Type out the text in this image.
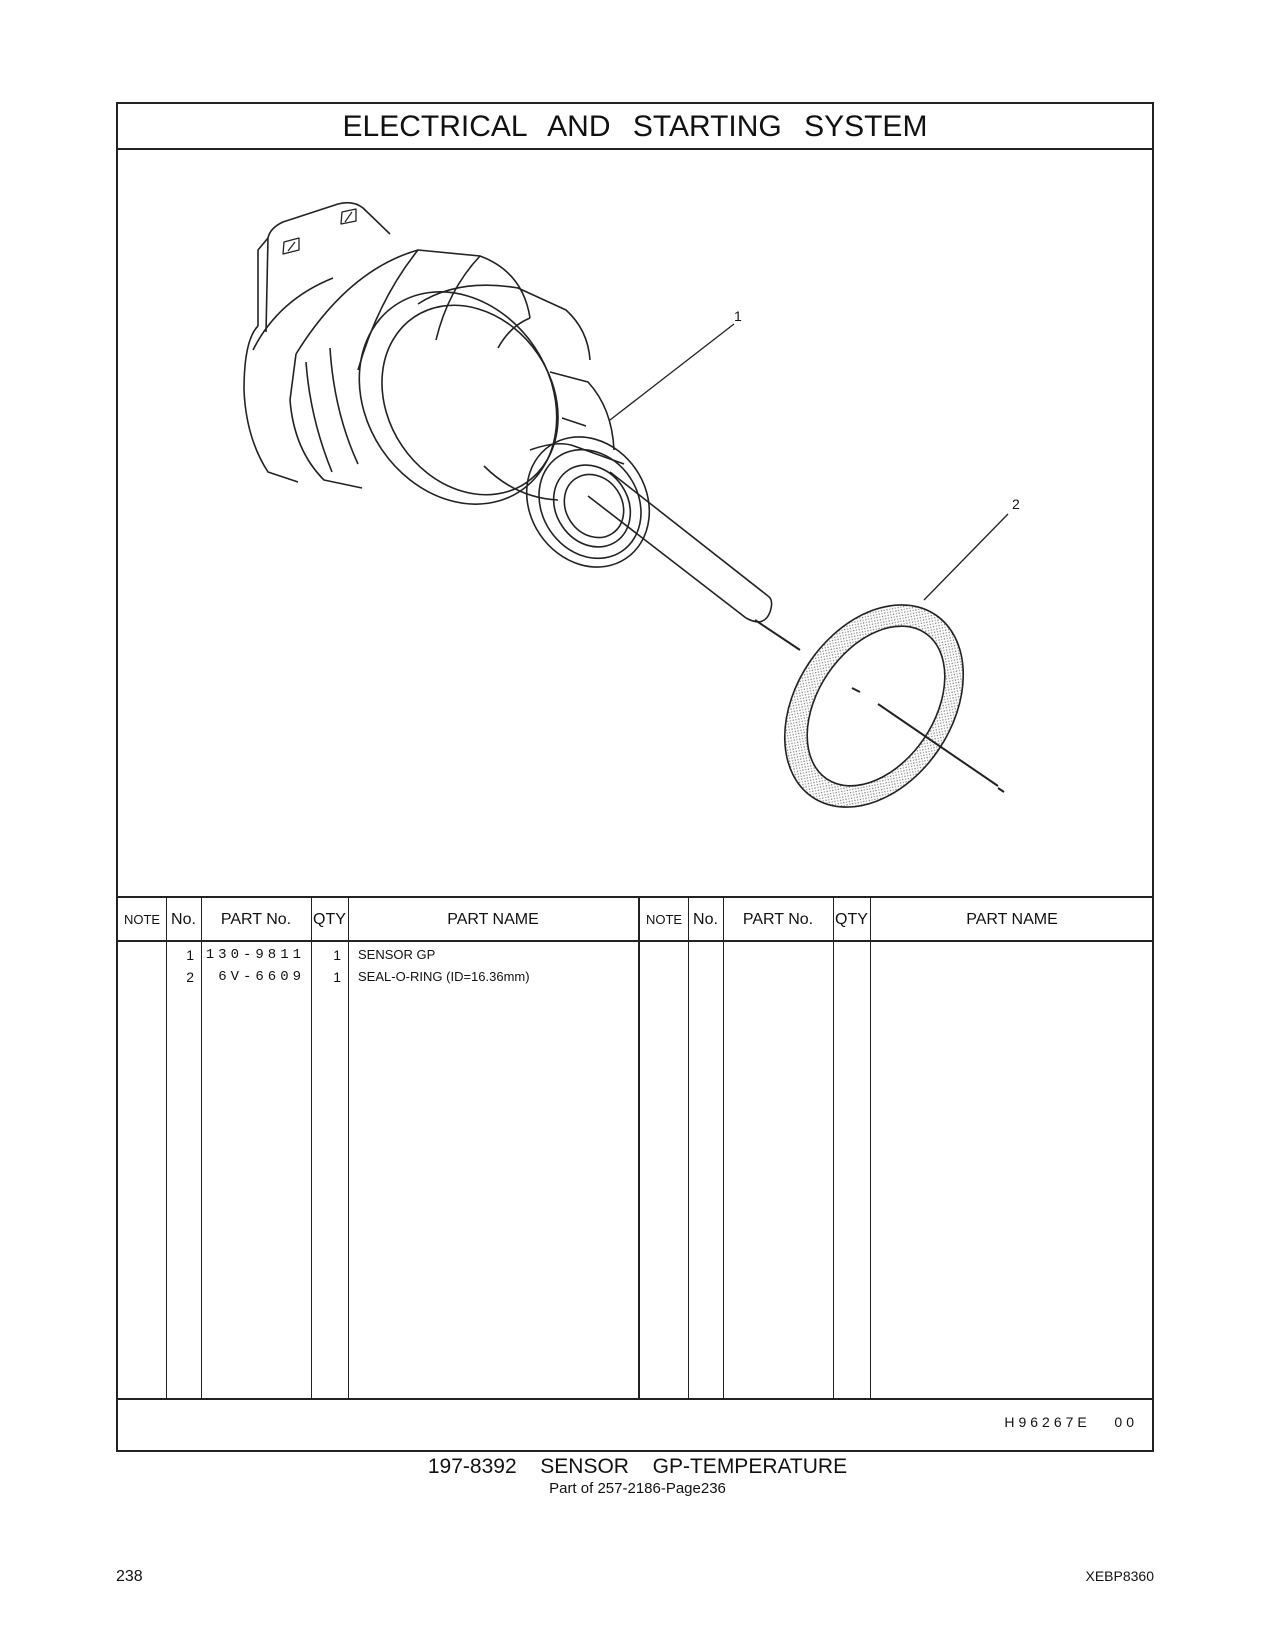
ELECTRICAL AND STARTING SYSTEM
1
2
NOTE No.	PART No.	QTY	PART NAME
1 130-9811	1 SENSOR GP
2	6V-6609	1 SEAL-O-RING (ID=16.36mm)
NOTE No.	PART No.	QTY	PART NAME
H96267E   00
197-8392  SENSOR  GP-TEMPERATURE
Part of 257-2186-Page236
238	XEBP8360
